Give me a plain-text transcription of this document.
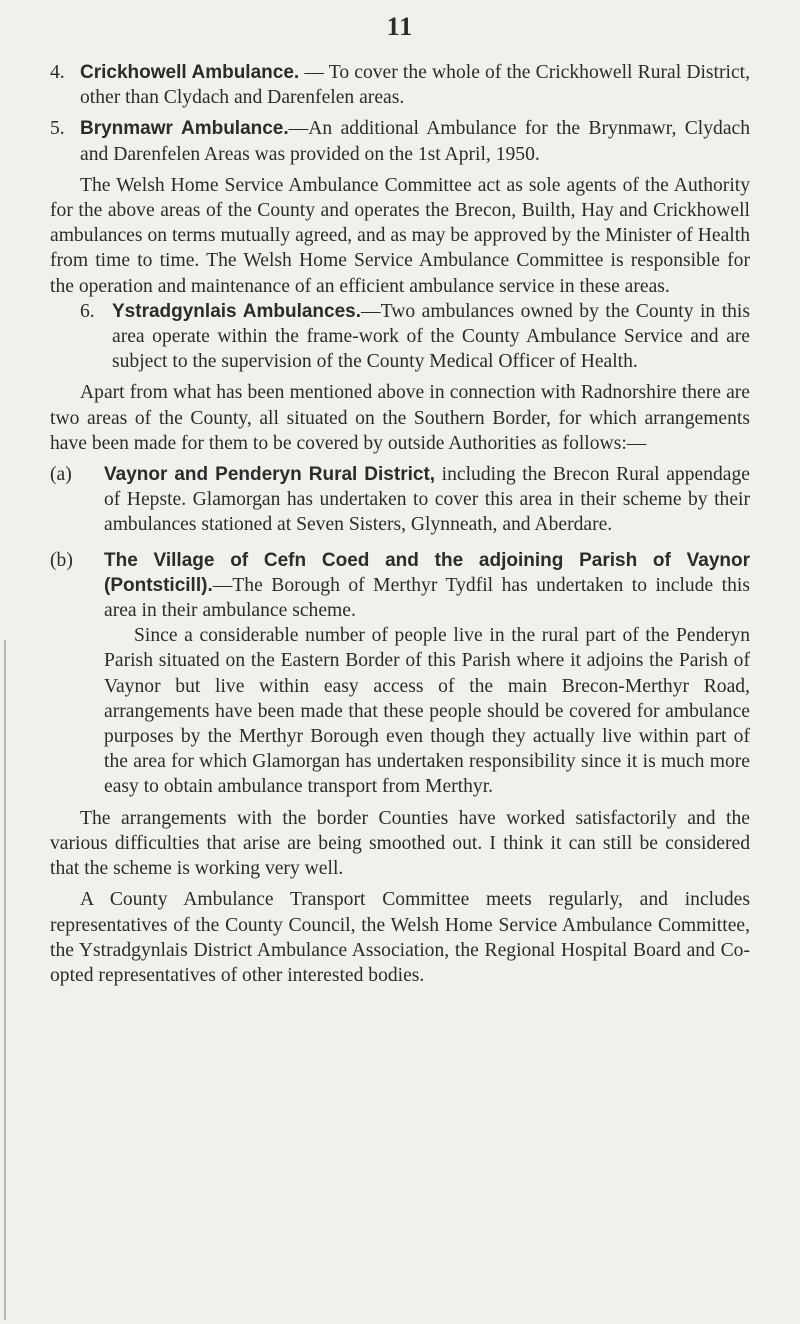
11

4. Crickhowell Ambulance. — To cover the whole of the Crickhowell Rural District, other than Clydach and Darenfelen areas.

5. Brynmawr Ambulance.—An additional Ambulance for the Brynmawr, Clydach and Darenfelen Areas was provided on the 1st April, 1950.

The Welsh Home Service Ambulance Committee act as sole agents of the Authority for the above areas of the County and operates the Brecon, Builth, Hay and Crickhowell ambulances on terms mutually agreed, and as may be approved by the Minister of Health from time to time. The Welsh Home Service Ambulance Committee is responsible for the operation and maintenance of an efficient ambulance service in these areas.

6. Ystradgynlais Ambulances.—Two ambulances owned by the County in this area operate within the frame-work of the County Ambulance Service and are subject to the supervision of the County Medical Officer of Health.

Apart from what has been mentioned above in connection with Radnorshire there are two areas of the County, all situated on the Southern Border, for which arrangements have been made for them to be covered by outside Authorities as follows:—

(a) Vaynor and Penderyn Rural District, including the Brecon Rural appendage of Hepste. Glamorgan has undertaken to cover this area in their scheme by their ambulances stationed at Seven Sisters, Glynneath, and Aberdare.

(b) The Village of Cefn Coed and the adjoining Parish of Vaynor (Pontsticill).—The Borough of Merthyr Tydfil has undertaken to include this area in their ambulance scheme.

Since a considerable number of people live in the rural part of the Penderyn Parish situated on the Eastern Border of this Parish where it adjoins the Parish of Vaynor but live within easy access of the main Brecon-Merthyr Road, arrangements have been made that these people should be covered for ambulance purposes by the Merthyr Borough even though they actually live within part of the area for which Glamorgan has undertaken responsibility since it is much more easy to obtain ambulance transport from Merthyr.

The arrangements with the border Counties have worked satisfactorily and the various difficulties that arise are being smoothed out. I think it can still be considered that the scheme is working very well.

A County Ambulance Transport Committee meets regularly, and includes representatives of the County Council, the Welsh Home Service Ambulance Committee, the Ystradgynlais District Ambulance Association, the Regional Hospital Board and Coopted representatives of other interested bodies.
